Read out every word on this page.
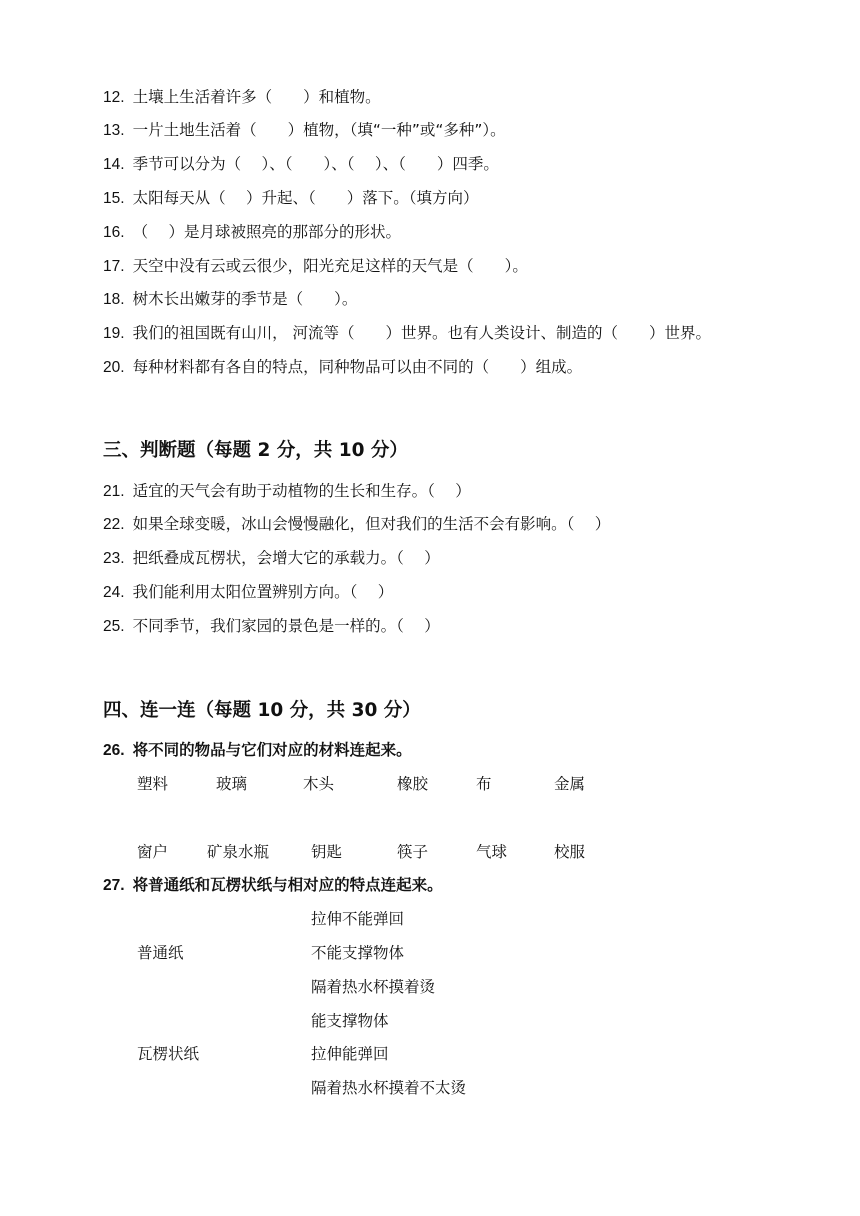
12. 土壤上生活着许多（　　）和植物。
13. 一片土地生活着（　　）植物，（填“一种”或“多种”）。
14. 季节可以分为（　 ）、（　　）、（　 ）、（　　）四季。
15. 太阳每天从（　 ）升起、（　　）落下。（填方向）
16. （　 ）是月球被照亮的那部分的形状。
17. 天空中没有云或云很少，阳光充足这样的天气是（　　）。
18. 树木长出嫩芽的季节是（　　）。
19. 我们的祖国既有山川， 河流等（　　）世界。也有人类设计、制造的（　　）世界。
20. 每种材料都有各自的特点，同种物品可以由不同的（　　）组成。
三、判断题（每题 2 分，共 10 分）
21. 适宜的天气会有助于动植物的生长和生存。（　 ）
22. 如果全球变暖，冰山会慢慢融化，但对我们的生活不会有影响。（　 ）
23. 把纸叠成瓦楞状，会增大它的承载力。（　 ）
24. 我们能利用太阳位置辨别方向。（　 ）
25. 不同季节，我们家园的景色是一样的。（　 ）
四、连一连（每题 10 分，共 30 分）
26. 将不同的物品与它们对应的材料连起来。
塑料	玻璃	木头	橡胶	布	金属
窗户	矿泉水瓶	钥匙	筷子	气球	校服
27. 将普通纸和瓦楞状纸与相对应的特点连起来。
普通纸
瓦楞状纸
拉伸不能弹回
不能支撑物体
隔着热水杯摸着烫
能支撑物体
拉伸能弹回
隔着热水杯摸着不太烫
